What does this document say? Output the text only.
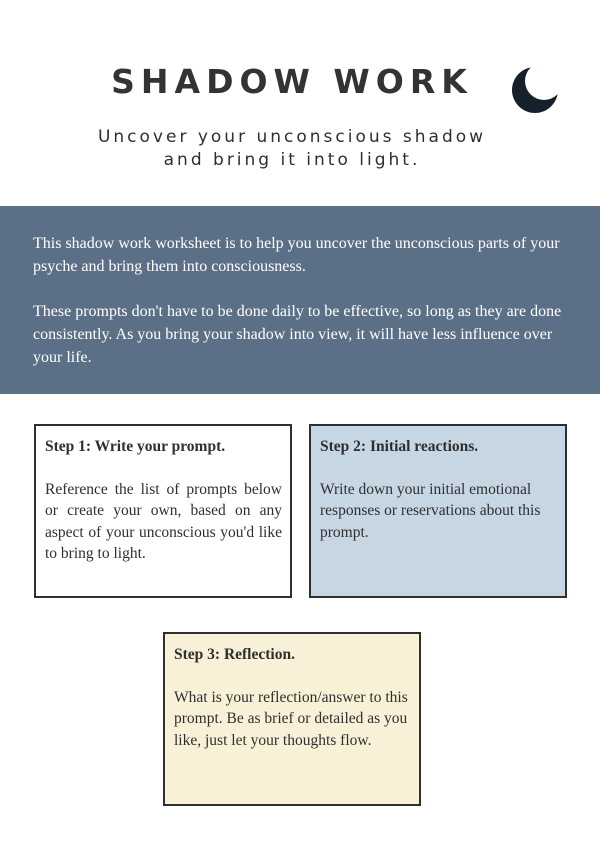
SHADOW WORK
Uncover your unconscious shadow
and bring it into light.

This shadow work worksheet is to help you uncover the unconscious parts of your psyche and bring them into consciousness.

These prompts don't have to be done daily to be effective, so long as they are done consistently. As you bring your shadow into view, it will have less influence over your life.

Step 1: Write your prompt.

Reference the list of prompts below or create your own, based on any aspect of your unconscious you'd like to bring to light.

Step 2: Initial reactions.

Write down your initial emotional responses or reservations about this prompt.

Step 3: Reflection.

What is your reflection/answer to this prompt. Be as brief or detailed as you like, just let your thoughts flow.
